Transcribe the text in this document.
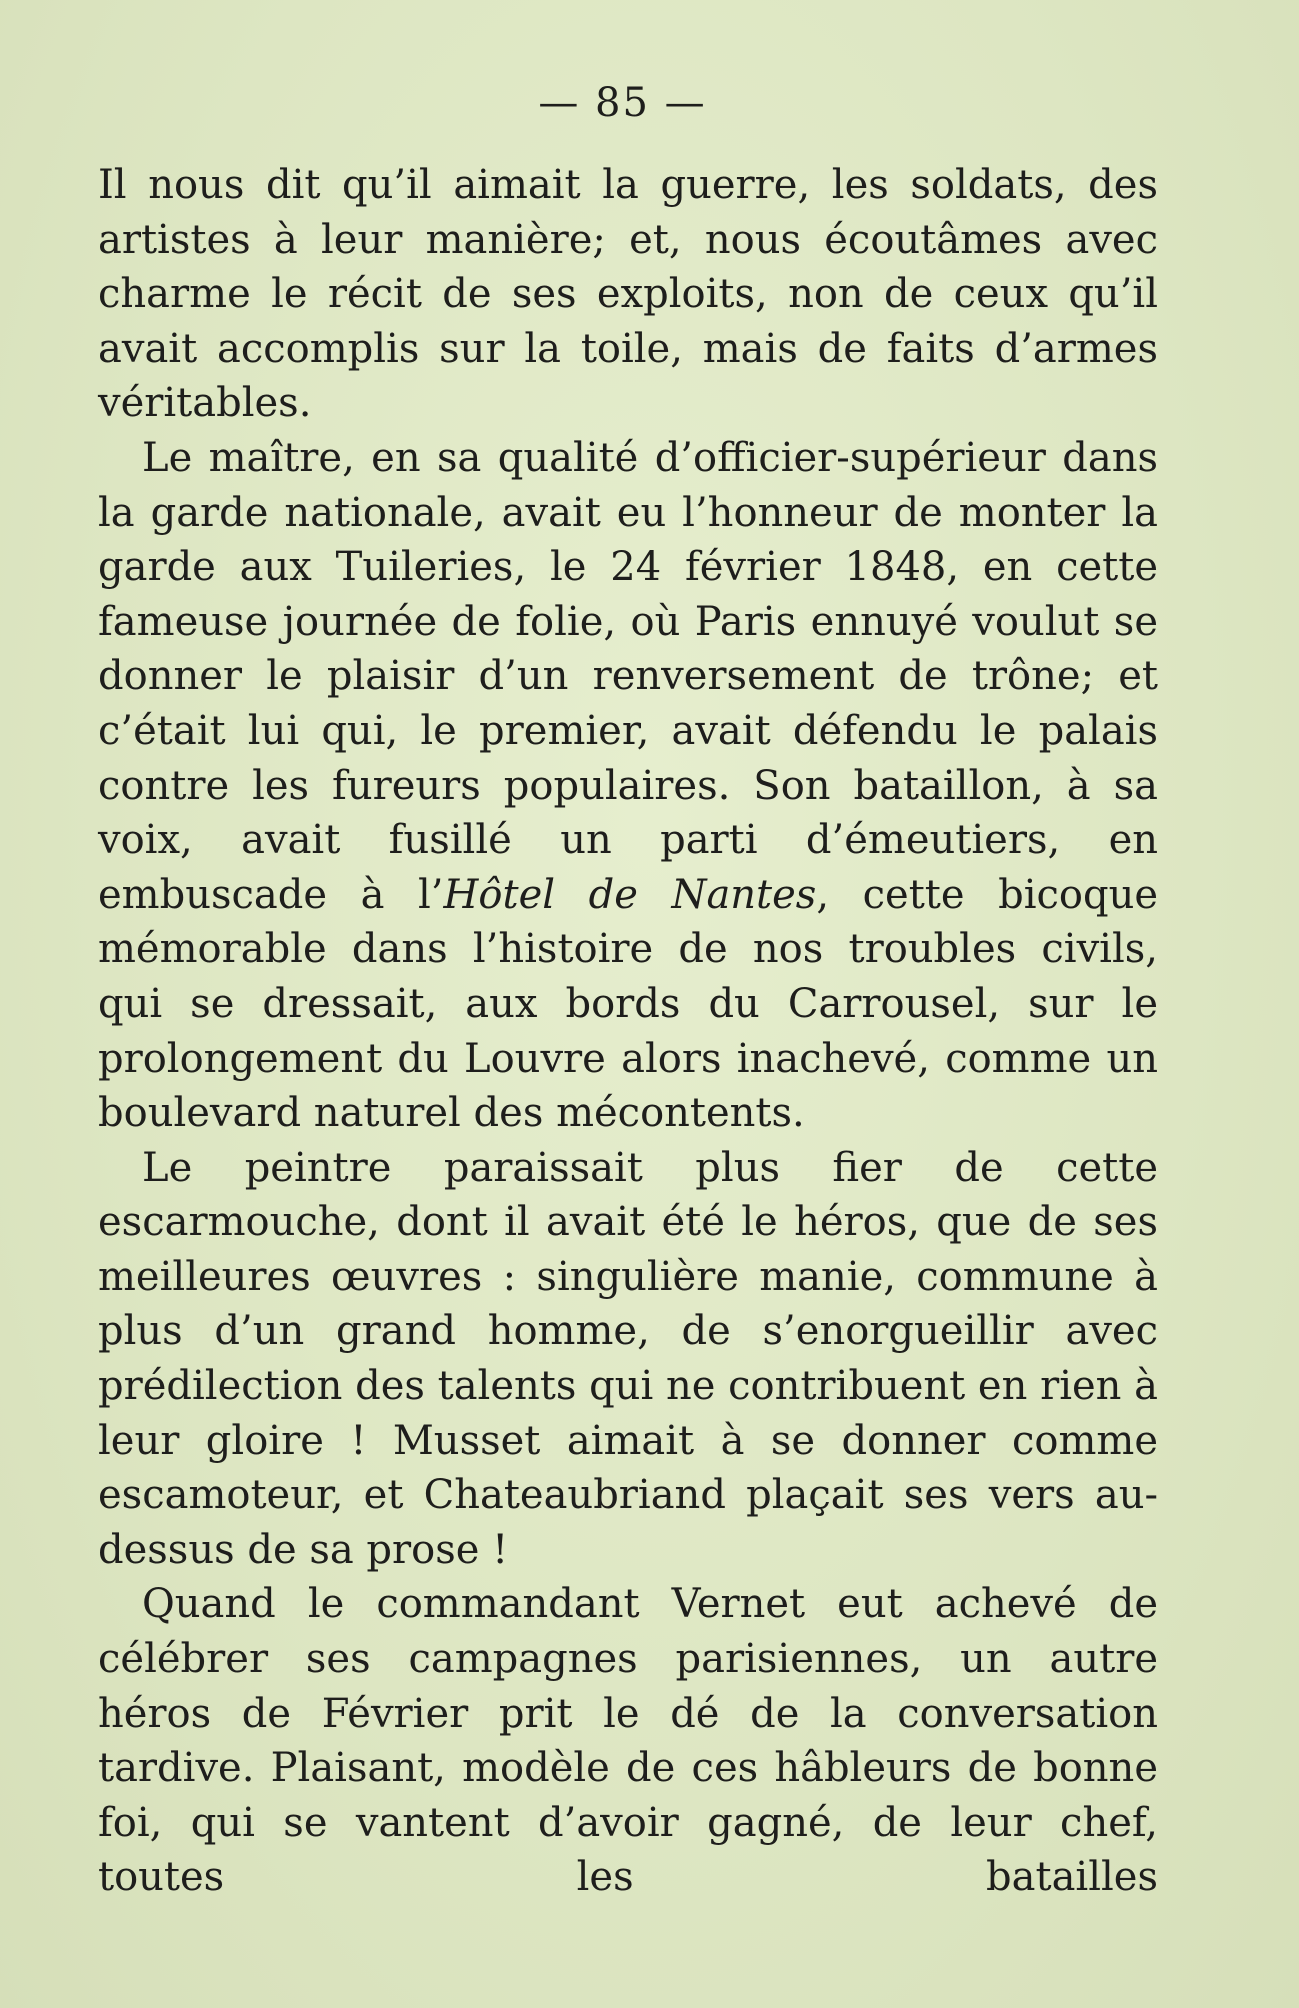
— 85 —

Il nous dit qu’il aimait la guerre, les soldats, des artistes à leur manière; et, nous écoutâmes avec charme le récit de ses exploits, non de ceux qu’il avait accomplis sur la toile, mais de faits d’armes véritables.

Le maître, en sa qualité d’officier-supérieur dans la garde nationale, avait eu l’honneur de monter la garde aux Tuileries, le 24 février 1848, en cette fameuse journée de folie, où Paris ennuyé voulut se donner le plaisir d’un renversement de trône; et c’était lui qui, le premier, avait défendu le palais contre les fureurs populaires. Son bataillon, à sa voix, avait fusillé un parti d’émeutiers, en embuscade à l’Hôtel de Nantes, cette bicoque mémorable dans l’histoire de nos troubles civils, qui se dressait, aux bords du Carrousel, sur le prolongement du Louvre alors inachevé, comme un boulevard naturel des mécontents.

Le peintre paraissait plus fier de cette escarmouche, dont il avait été le héros, que de ses meilleures œuvres : singulière manie, commune à plus d’un grand homme, de s’enorgueillir avec prédilection des talents qui ne contribuent en rien à leur gloire ! Musset aimait à se donner comme escamoteur, et Chateaubriand plaçait ses vers au-dessus de sa prose !

Quand le commandant Vernet eut achevé de célébrer ses campagnes parisiennes, un autre héros de Février prit le dé de la conversation tardive. Plaisant, modèle de ces hâbleurs de bonne foi, qui se vantent d’avoir gagné, de leur chef, toutes les batailles
